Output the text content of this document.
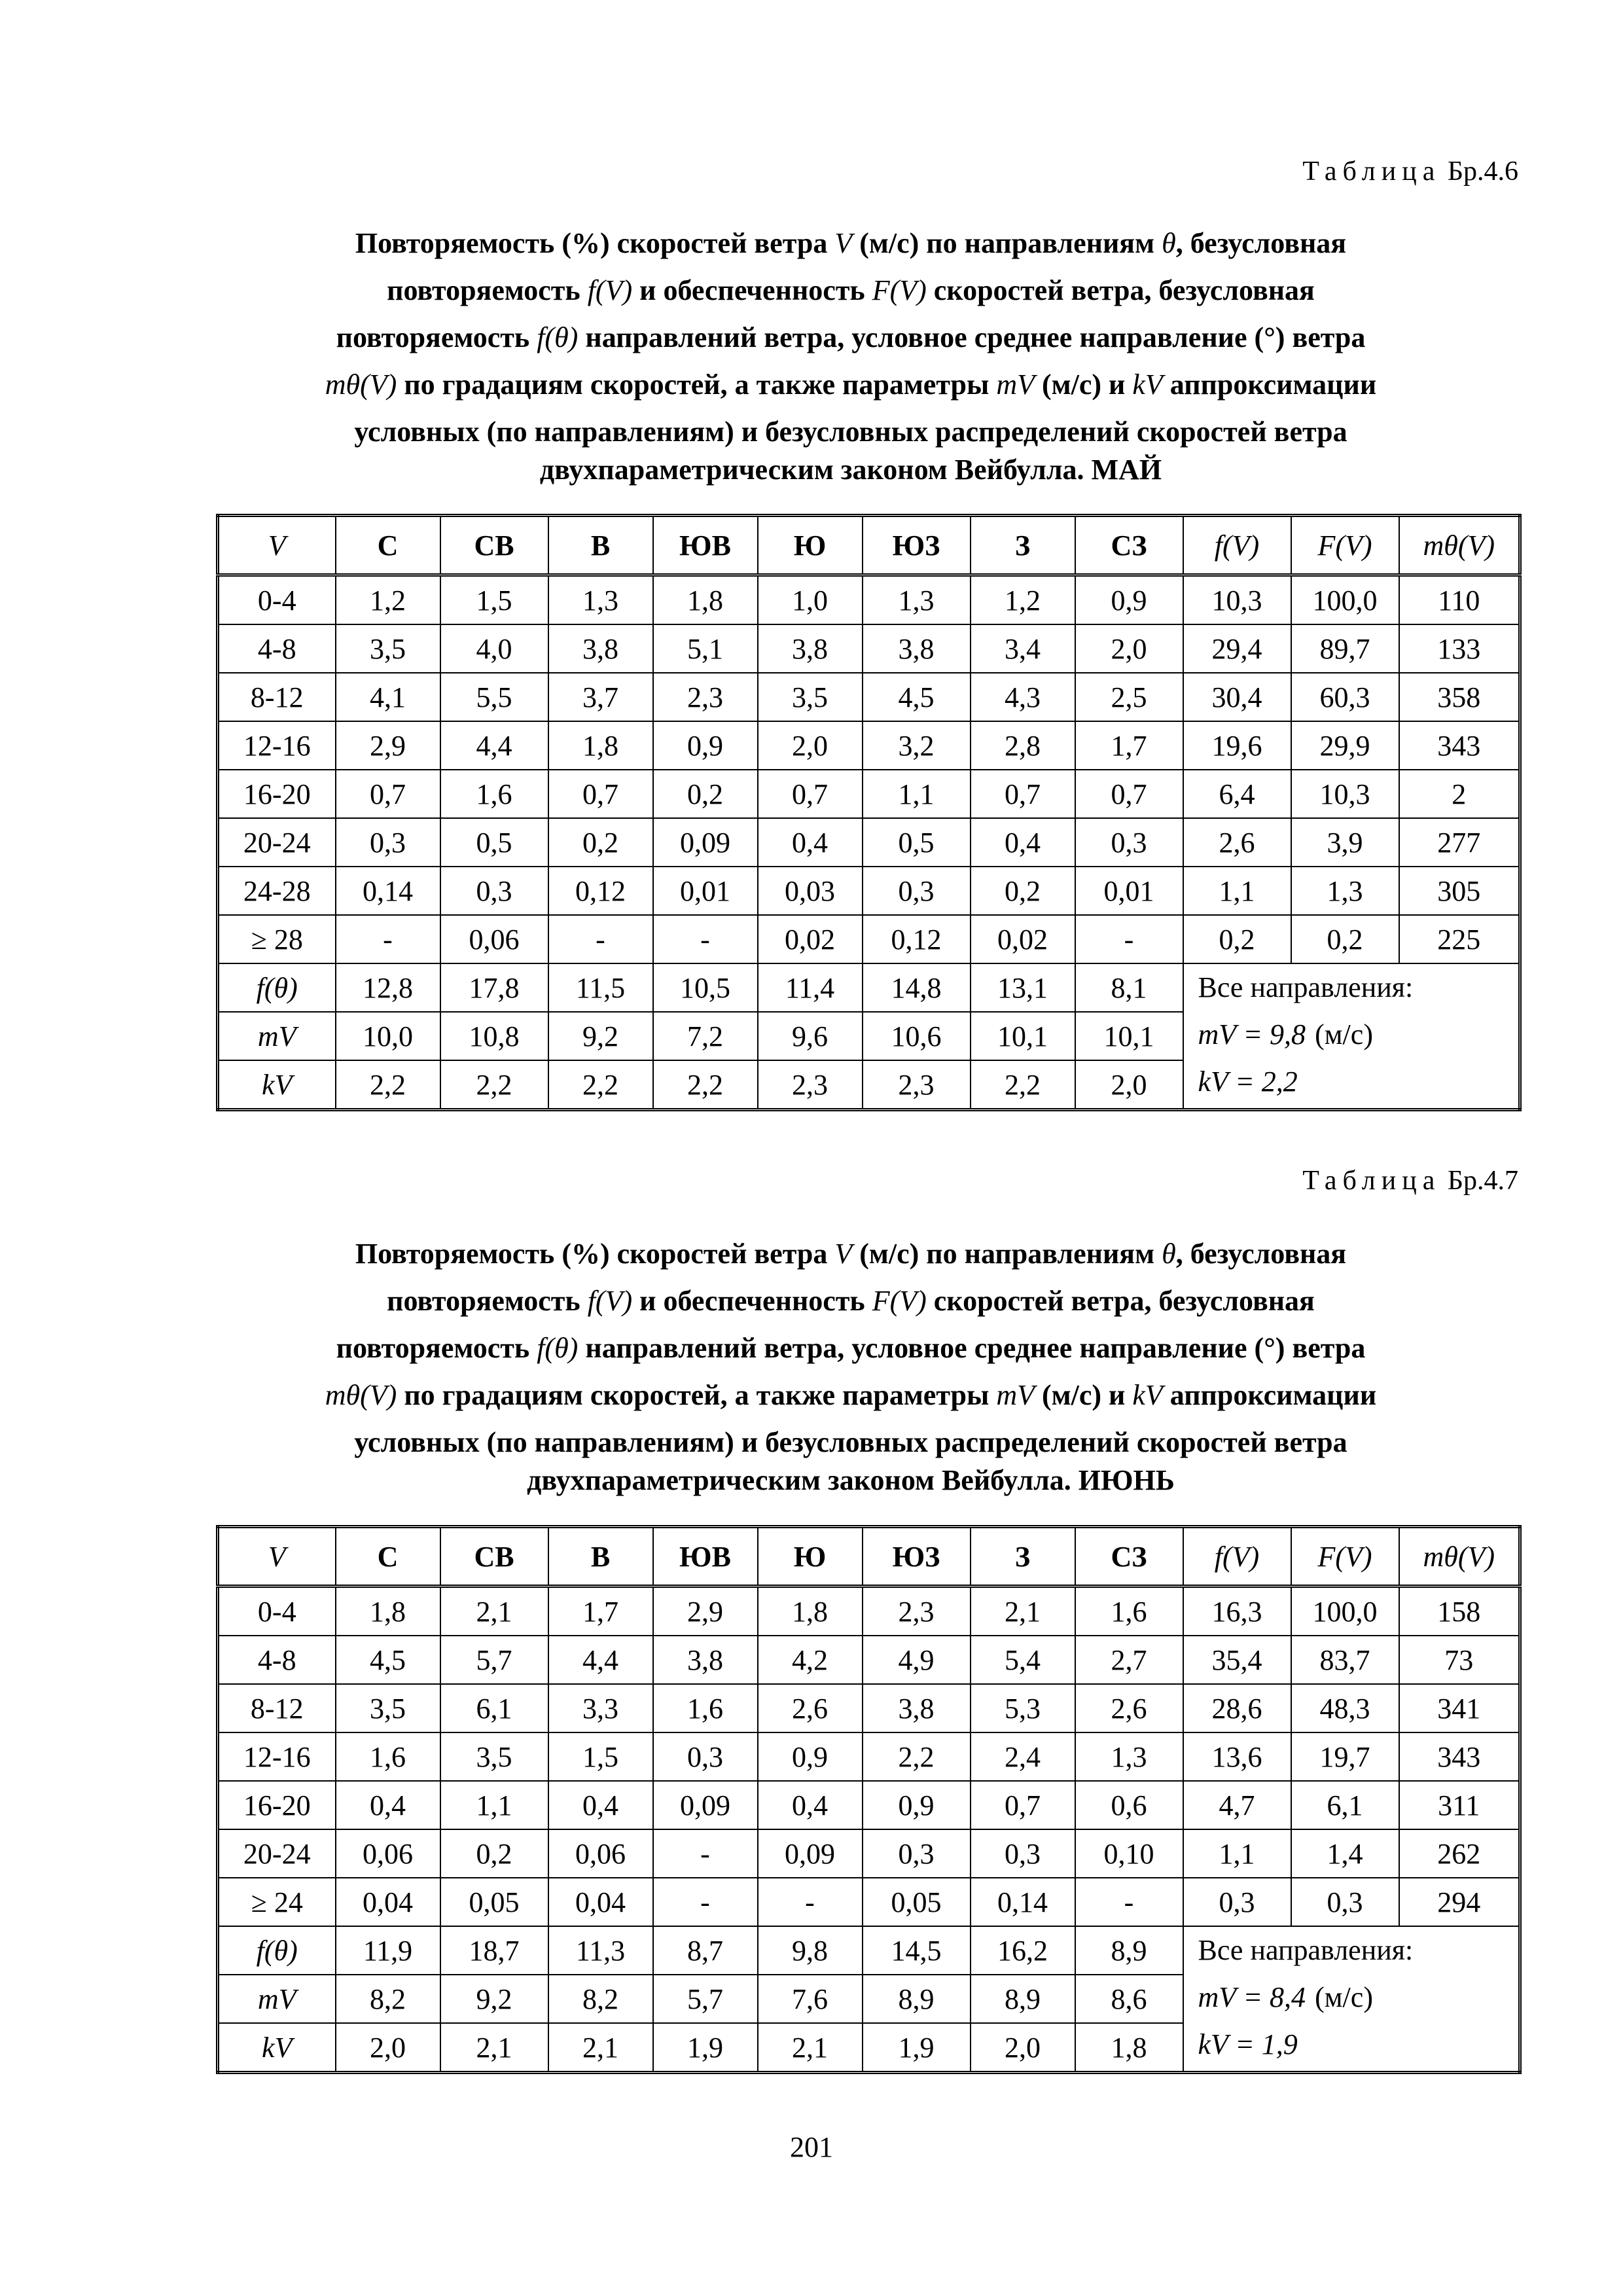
Таблица Бр.4.6
Повторяемость (%) скоростей ветра V (м/с) по направлениям θ, безусловная
повторяемость f(V) и обеспеченность F(V) скоростей ветра, безусловная
повторяемость f(θ) направлений ветра, условное среднее направление (°) ветра
mθ(V) по градациям скоростей, а также параметры mV (м/с) и kV аппроксимации
условных (по направлениям) и безусловных распределений скоростей ветра
двухпараметрическим законом Вейбулла. МАЙ
V	С	СВ	В	ЮВ	Ю	ЮЗ	З	СЗ	f(V)	F(V)	mθ(V)
0-4	1,2	1,5	1,3	1,8	1,0	1,3	1,2	0,9	10,3	100,0	110
4-8	3,5	4,0	3,8	5,1	3,8	3,8	3,4	2,0	29,4	89,7	133
8-12	4,1	5,5	3,7	2,3	3,5	4,5	4,3	2,5	30,4	60,3	358
12-16	2,9	4,4	1,8	0,9	2,0	3,2	2,8	1,7	19,6	29,9	343
16-20	0,7	1,6	0,7	0,2	0,7	1,1	0,7	0,7	6,4	10,3	2
20-24	0,3	0,5	0,2	0,09	0,4	0,5	0,4	0,3	2,6	3,9	277
24-28	0,14	0,3	0,12	0,01	0,03	0,3	0,2	0,01	1,1	1,3	305
≥ 28	-	0,06	-	-	0,02	0,12	0,02	-	0,2	0,2	225
f(θ)	12,8	17,8	11,5	10,5	11,4	14,8	13,1	8,1	Все направления:
mV = 9,8 (м/с)
kV = 2,2		

mV	10,0	10,8	9,2	7,2	9,6	10,6	10,1	10,1			
kV	2,2	2,2	2,2	2,2	2,3	2,3	2,2	2,0			
Таблица Бр.4.7
Повторяемость (%) скоростей ветра V (м/с) по направлениям θ, безусловная
повторяемость f(V) и обеспеченность F(V) скоростей ветра, безусловная
повторяемость f(θ) направлений ветра, условное среднее направление (°) ветра
mθ(V) по градациям скоростей, а также параметры mV (м/с) и kV аппроксимации
условных (по направлениям) и безусловных распределений скоростей ветра
двухпараметрическим законом Вейбулла. ИЮНЬ
V	С	СВ	В	ЮВ	Ю	ЮЗ	З	СЗ	f(V)	F(V)	mθ(V)
0-4	1,8	2,1	1,7	2,9	1,8	2,3	2,1	1,6	16,3	100,0	158
4-8	4,5	5,7	4,4	3,8	4,2	4,9	5,4	2,7	35,4	83,7	73
8-12	3,5	6,1	3,3	1,6	2,6	3,8	5,3	2,6	28,6	48,3	341
12-16	1,6	3,5	1,5	0,3	0,9	2,2	2,4	1,3	13,6	19,7	343
16-20	0,4	1,1	0,4	0,09	0,4	0,9	0,7	0,6	4,7	6,1	311
20-24	0,06	0,2	0,06	-	0,09	0,3	0,3	0,10	1,1	1,4	262
≥ 24	0,04	0,05	0,04	-	-	0,05	0,14	-	0,3	0,3	294
f(θ)	11,9	18,7	11,3	8,7	9,8	14,5	16,2	8,9	Все направления:
mV = 8,4 (м/с)
kV = 1,9		

mV	8,2	9,2	8,2	5,7	7,6	8,9	8,9	8,6			
kV	2,0	2,1	2,1	1,9	2,1	1,9	2,0	1,8			
201
